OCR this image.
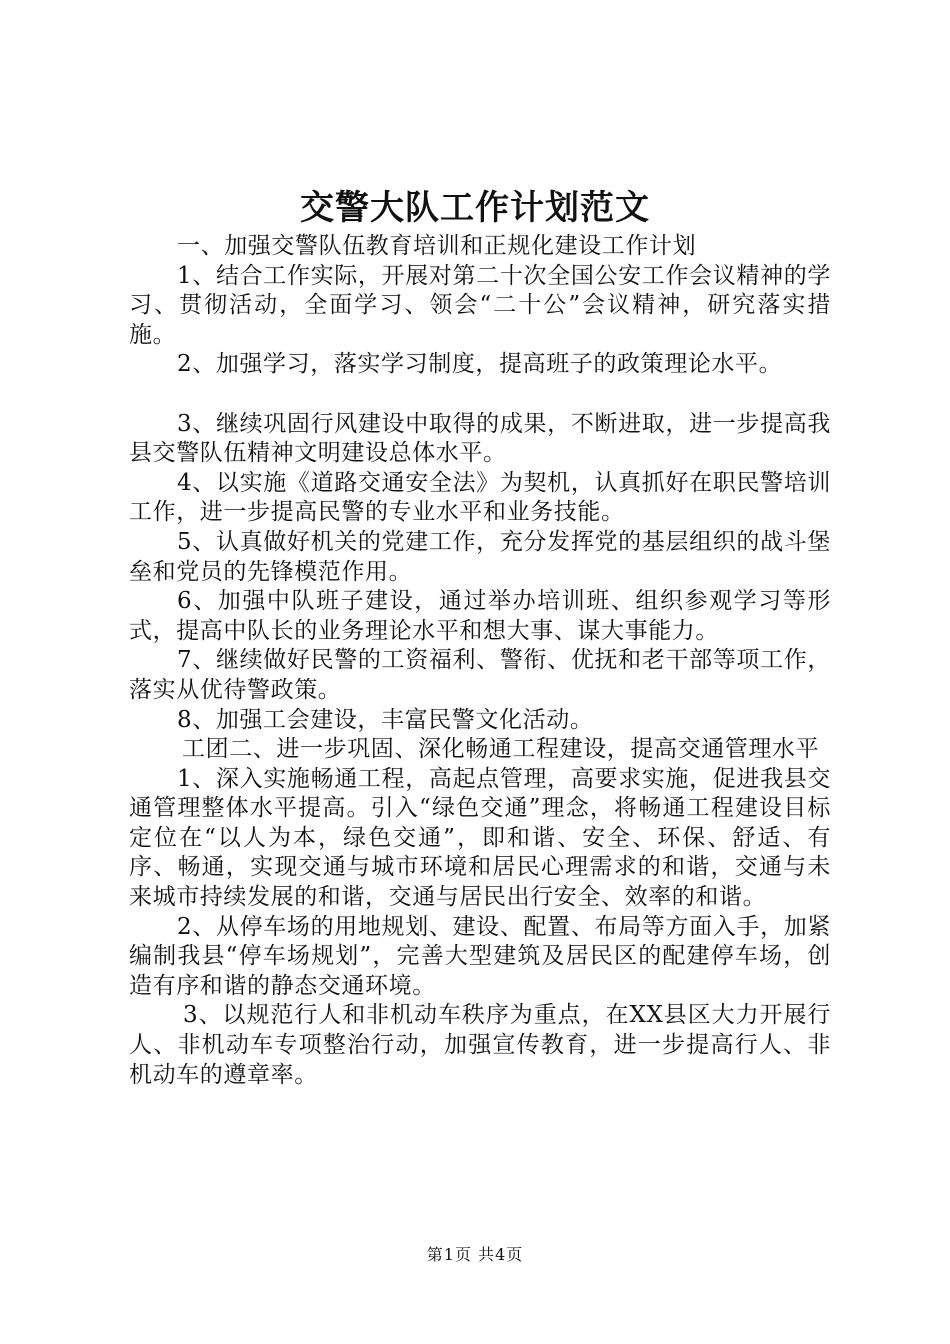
交警大队工作计划范文

一、加强交警队伍教育培训和正规化建设工作计划

1、结合工作实际，开展对第二十次全国公安工作会议精神的学习、贯彻活动，全面学习、领会“二十公”会议精神，研究落实措施。

2、加强学习，落实学习制度，提高班子的政策理论水平。

3、继续巩固行风建设中取得的成果，不断进取，进一步提高我县交警队伍精神文明建设总体水平。

4、以实施《道路交通安全法》为契机，认真抓好在职民警培训工作，进一步提高民警的专业水平和业务技能。

5、认真做好机关的党建工作，充分发挥党的基层组织的战斗堡垒和党员的先锋模范作用。

6、加强中队班子建设，通过举办培训班、组织参观学习等形式，提高中队长的业务理论水平和想大事、谋大事能力。

7、继续做好民警的工资福利、警衔、优抚和老干部等项工作，落实从优待警政策。

8、加强工会建设，丰富民警文化活动。

工团二、进一步巩固、深化畅通工程建设，提高交通管理水平

1、深入实施畅通工程，高起点管理，高要求实施，促进我县交通管理整体水平提高。引入“绿色交通”理念，将畅通工程建设目标定位在“以人为本，绿色交通”，即和谐、安全、环保、舒适、有序、畅通，实现交通与城市环境和居民心理需求的和谐，交通与未来城市持续发展的和谐，交通与居民出行安全、效率的和谐。

2、从停车场的用地规划、建设、配置、布局等方面入手，加紧编制我县“停车场规划”，完善大型建筑及居民区的配建停车场，创造有序和谐的静态交通环境。

3、以规范行人和非机动车秩序为重点，在XX县区大力开展行人、非机动车专项整治行动，加强宣传教育，进一步提高行人、非机动车的遵章率。

第1页 共4页
